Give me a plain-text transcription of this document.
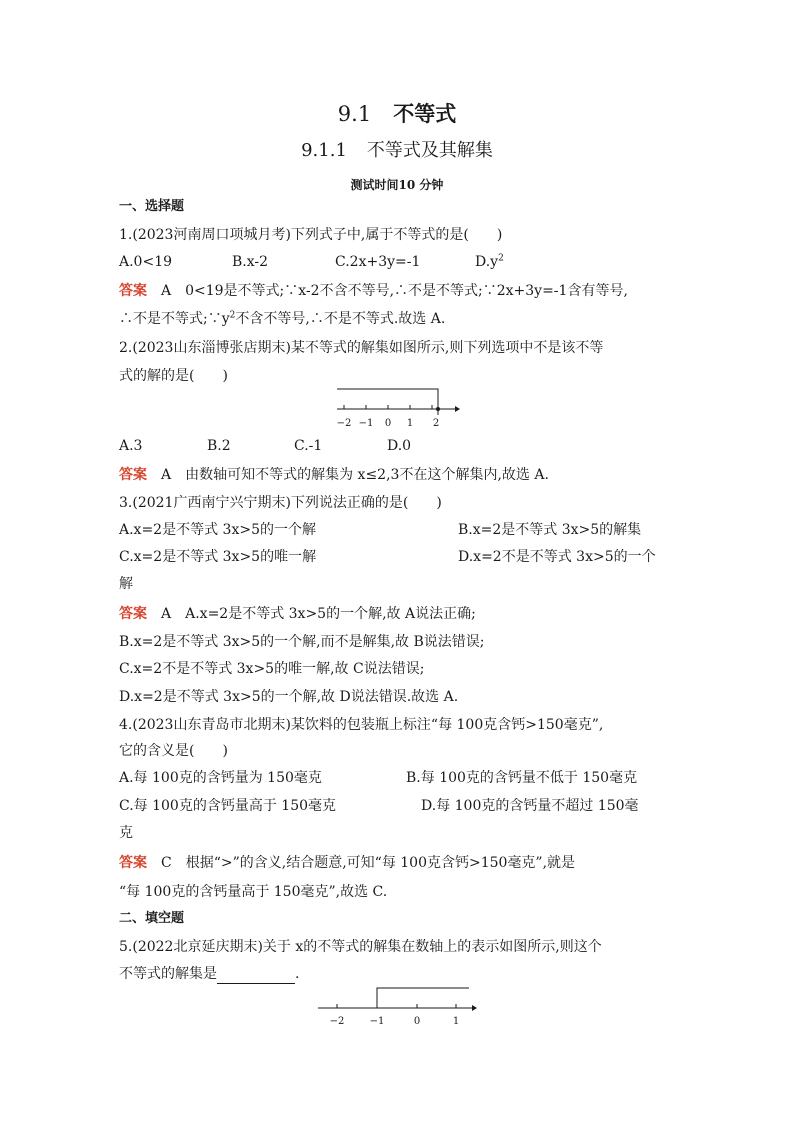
9.1 不等式
9.1.1 不等式及其解集
测试时间10 分钟
一、选择题
1.(2023河南周口项城月考)下列式子中,属于不等式的是(　　)
A.0<19	B.x-2	C.2x+3y=-1	$D.y^2$
答案 A　0<19是不等式;∵x-2不含不等号,∴不是不等式;∵2x+3y=-1含有等号,
∴不是不等式$;\because y^2$不含不等号,∴不是不等式.故选 A.
2.(2023山东淄博张店期末)某不等式的解集如图所示,则下列选项中不是该不等
式的解的是(　　)
−2 −1 0 1 2
A.3	B.2	C.-1	D.0
答案 A　由数轴可知不等式的解集为 x≤2,3不在这个解集内,故选 A.
3.(2021广西南宁兴宁期末)下列说法正确的是(　　)
A.x=2是不等式 3x>5的一个解	B.x=2是不等式 3x>5的解集
C.x=2是不等式 3x>5的唯一解	D.x=2不是不等式 3x>5的一个
解
答案 A　A.x=2是不等式 3x>5的一个解,故 A说法正确;
B.x=2是不等式 3x>5的一个解,而不是解集,故 B说法错误;
C.x=2不是不等式 3x>5的唯一解,故 C说法错误;
D.x=2是不等式 3x>5的一个解,故 D说法错误.故选 A.
4.(2023山东青岛市北期末)某饮料的包装瓶上标注“每 100克含钙>150毫克”,
它的含义是(　　)
A.每 100克的含钙量为 150毫克	B.每 100克的含钙量不低于 150毫克
C.每 100克的含钙量高于 150毫克	D.每 100克的含钙量不超过 150毫
克
答案 C　根据“>”的含义,结合题意,可知“每 100克含钙>150毫克”,就是
“每 100克的含钙量高于 150毫克”,故选 C.
二、填空题
5.(2022北京延庆期末)关于 x的不等式的解集在数轴上的表示如图所示,则这个
不等式的解集是	.
−2	−1	0	1
